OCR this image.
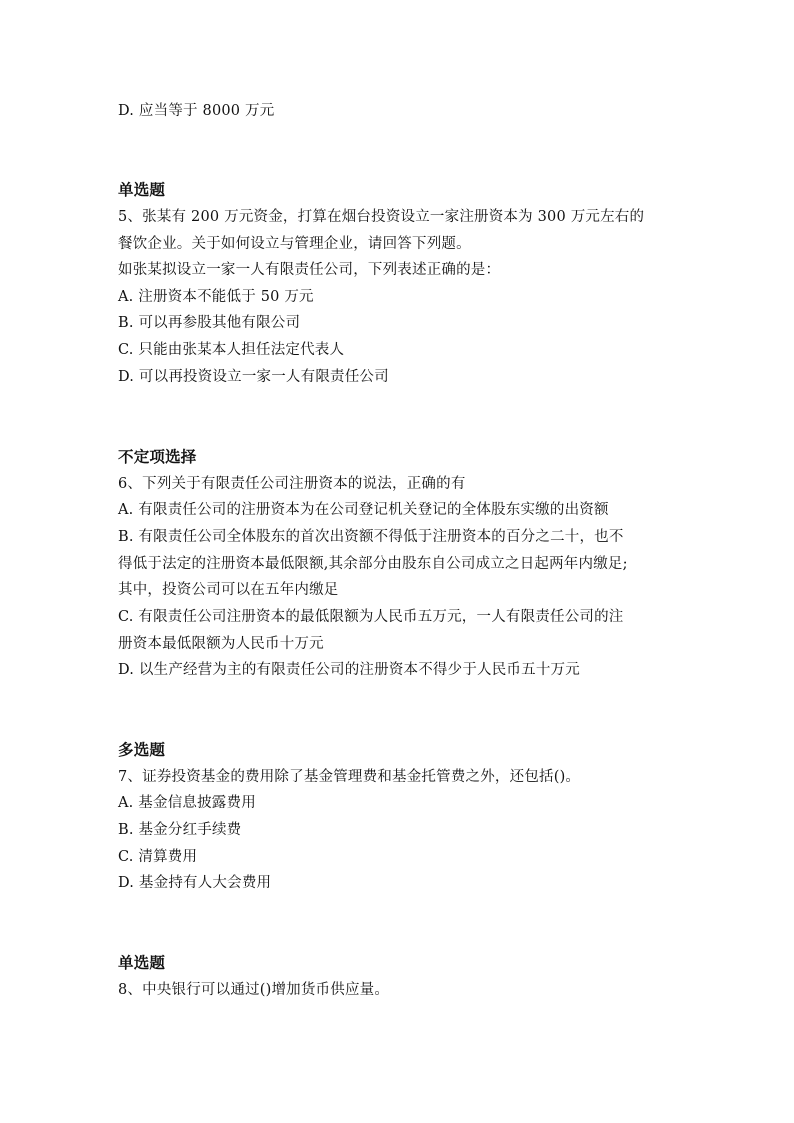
D. 应当等于 8000 万元
单选题
5、张某有 200 万元资金，打算在烟台投资设立一家注册资本为 300 万元左右的
餐饮企业。关于如何设立与管理企业，请回答下列题。
如张某拟设立一家一人有限责任公司，下列表述正确的是：
A. 注册资本不能低于 50 万元
B. 可以再参股其他有限公司
C. 只能由张某本人担任法定代表人
D. 可以再投资设立一家一人有限责任公司
不定项选择
6、下列关于有限责任公司注册资本的说法，正确的有
A. 有限责任公司的注册资本为在公司登记机关登记的全体股东实缴的出资额
B. 有限责任公司全体股东的首次出资额不得低于注册资本的百分之二十，也不
得低于法定的注册资本最低限额,其余部分由股东自公司成立之日起两年内缴足;
其中，投资公司可以在五年内缴足
C. 有限责任公司注册资本的最低限额为人民币五万元，一人有限责任公司的注
册资本最低限额为人民币十万元
D. 以生产经营为主的有限责任公司的注册资本不得少于人民币五十万元
多选题
7、证券投资基金的费用除了基金管理费和基金托管费之外，还包括()。
A. 基金信息披露费用
B. 基金分红手续费
C. 清算费用
D. 基金持有人大会费用
单选题
8、中央银行可以通过()增加货币供应量。
